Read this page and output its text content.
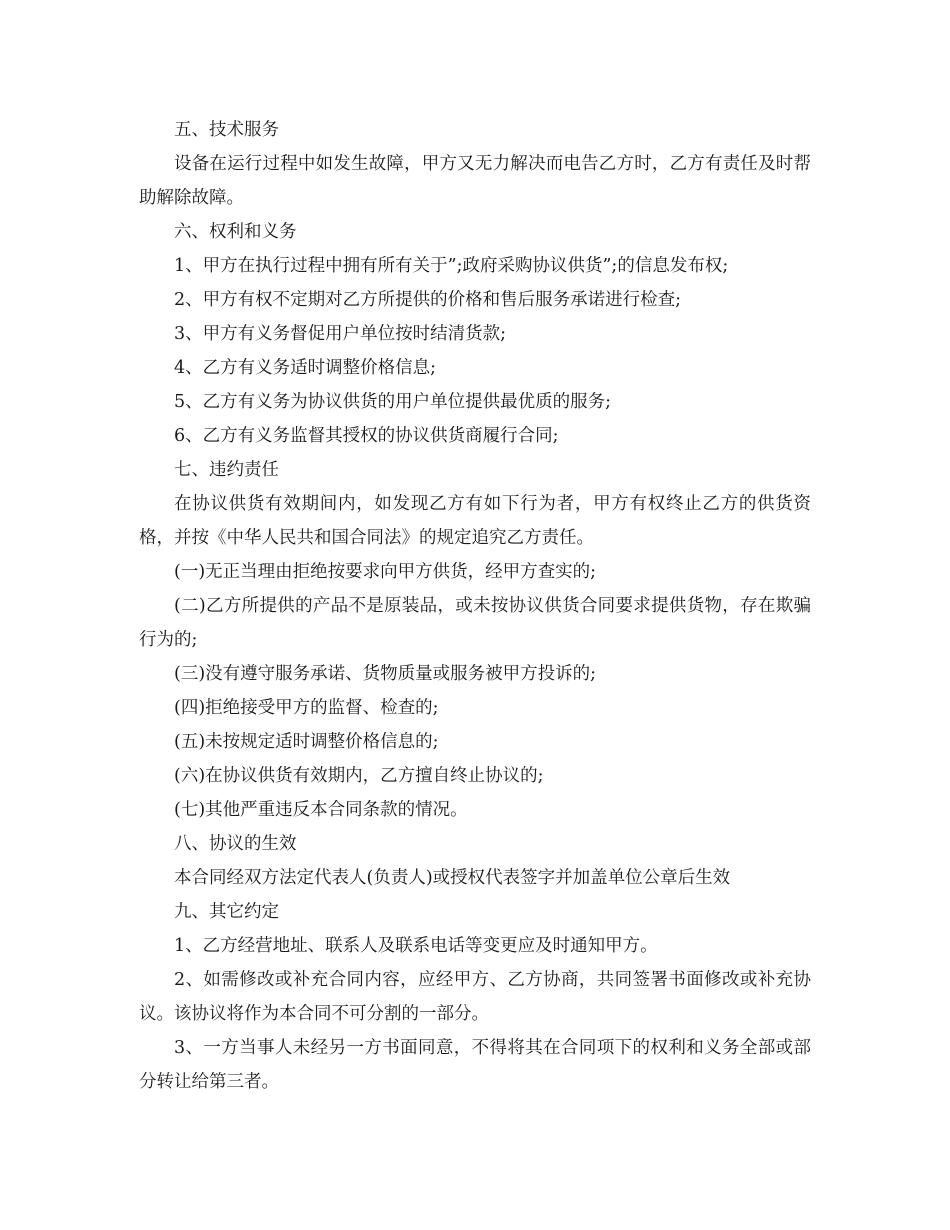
五、技术服务

设备在运行过程中如发生故障，甲方又无力解决而电告乙方时，乙方有责任及时帮助解除故障。

六、权利和义务

1、甲方在执行过程中拥有所有关于”;政府采购协议供货”;的信息发布权;

2、甲方有权不定期对乙方所提供的价格和售后服务承诺进行检查;

3、甲方有义务督促用户单位按时结清货款;

4、乙方有义务适时调整价格信息;

5、乙方有义务为协议供货的用户单位提供最优质的服务;

6、乙方有义务监督其授权的协议供货商履行合同;

七、违约责任

在协议供货有效期间内，如发现乙方有如下行为者，甲方有权终止乙方的供货资格，并按《中华人民共和国合同法》的规定追究乙方责任。

(一)无正当理由拒绝按要求向甲方供货，经甲方查实的;

(二)乙方所提供的产品不是原装品，或未按协议供货合同要求提供货物，存在欺骗行为的;

(三)没有遵守服务承诺、货物质量或服务被甲方投诉的;

(四)拒绝接受甲方的监督、检查的;

(五)未按规定适时调整价格信息的;

(六)在协议供货有效期内，乙方擅自终止协议的;

(七)其他严重违反本合同条款的情况。

八、协议的生效

本合同经双方法定代表人(负责人)或授权代表签字并加盖单位公章后生效

九、其它约定

1、乙方经营地址、联系人及联系电话等变更应及时通知甲方。

2、如需修改或补充合同内容，应经甲方、乙方协商，共同签署书面修改或补充协议。该协议将作为本合同不可分割的一部分。

3、一方当事人未经另一方书面同意，不得将其在合同项下的权利和义务全部或部分转让给第三者。
